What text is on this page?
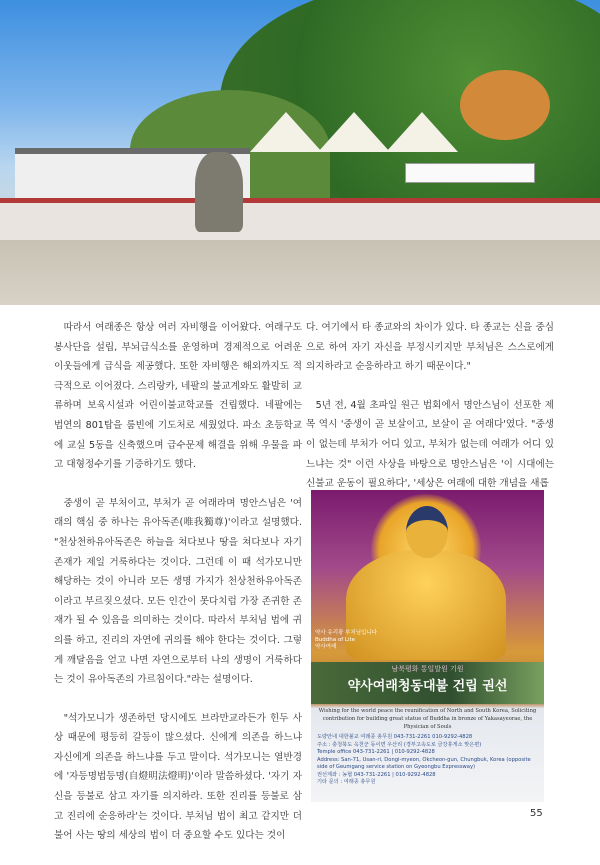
따라서 여래종은 항상 여러 자비행을 이어왔다. 여래구도봉사단을 설립, 부뇌급식소를 운영하며 경제적으로 어려운 이웃들에게 급식을 제공했다. 또한 자비행은 해외까지도 적극적으로 이어졌다. 스리랑카, 네팔의 불교계와도 활발히 교류하며 보육시설과 어린이불교학교를 건립했다. 네팔에는 법연의 801탑을 룸빈에 기도처로 세웠었다. 파소 초등학교에 교실 5동을 신축했으며 급수문제 해결을 위해 우물을 파고 대형정수기를 기증하기도 했다.

중생이 곧 부처이고, 부처가 곧 여래라며 명안스님은 '여래의 핵심 중 하나는 유아독존(唯我獨尊)'이라고 설명했다. "천상천하유아독존은 하늘을 쳐다보나 땅을 쳐다보나 자기 존재가 제일 거룩하다는 것이다. 그런데 이 때 석가모니만 해당하는 것이 아니라 모든 생명 가지가 천상천하유아독존이라고 부르짖으셨다. 모든 인간이 못다치럽 가장 존귀한 존재가 될 수 있음을 의미하는 것이다. 따라서 부처님 법에 귀의를 하고, 진리의 자연에 귀의를 해야 한다는 것이다. 그렇게 깨달음을 얻고 나면 자연으로부터 나의 생명이 거룩하다는 것이 유아독존의 가르침이다."라는 설명이다.

"석가모니가 생존하던 당시에도 브라만교라든가 힌두 사상 때문에 평등히 갈등이 많으셨다. 신에게 의존을 하느냐 자신에게 의존을 하느냐를 두고 말이다. 석가모니는 열반경에 '자등명법등명(自燈明法燈明)'이라 말씀하셨다. '자기 자신을 등불로 삼고 자기를 의지하라. 또한 진리를 등불로 삼고 진리에 순응하라'는 것이다. 부처님 법이 최고 같지만 더불어 사는 땅의 세상의 법이 더 중요할 수도 있다는 것이

다. 여기에서 타 종교와의 차이가 있다. 타 종교는 신을 중심으로 하여 자기 자신을 부정시키지만 부처님은 스스로에게 의지하라고 순응하라고 하기 때문이다."

5년 전, 4월 초파일 원근 법회에서 명안스님이 선포한 제목 역시 '중생이 곧 보살이고, 보살이 곧 여래다'였다. "중생이 없는데 부처가 어디 있고, 부처가 없는데 여래가 어디 있느냐는 것" 이런 사상을 바탕으로 명안스님은 '이 시대에는 신불교 운동이 필요하다', '세상은 여래에 대한 개념을 새롭

약사 유리광 부처님입니다
Buddha of Lite
약사여래
남북평화 통일발원 기원
약사여래청동대불 건립 권선
Wishing for the world peace the reunification of North and South Korea, Soliciting contribution for building great statue of Buddha in bronze of Yakasayeorae, the Physician of Souls
도량안내 대한불교 여래종 총무원 043-731-2261 010-9292-4828
주소 : 충청북도 옥천군 동이면 우산리 (경부고속도로 금강휴게소 맞은편)
Temple office 043-731-2261 | 010-9292-4828
Address: San-71, Usan-ri, Dongi-myeon, Okcheon-gun, Chungbuk, Korea (opposite side of Geumgang service station on Gyeongbu Expressway)
권선계좌 : 농협 043-731-2261 | 010-9292-4828
기타 문의 : 여래종 총무원
55
